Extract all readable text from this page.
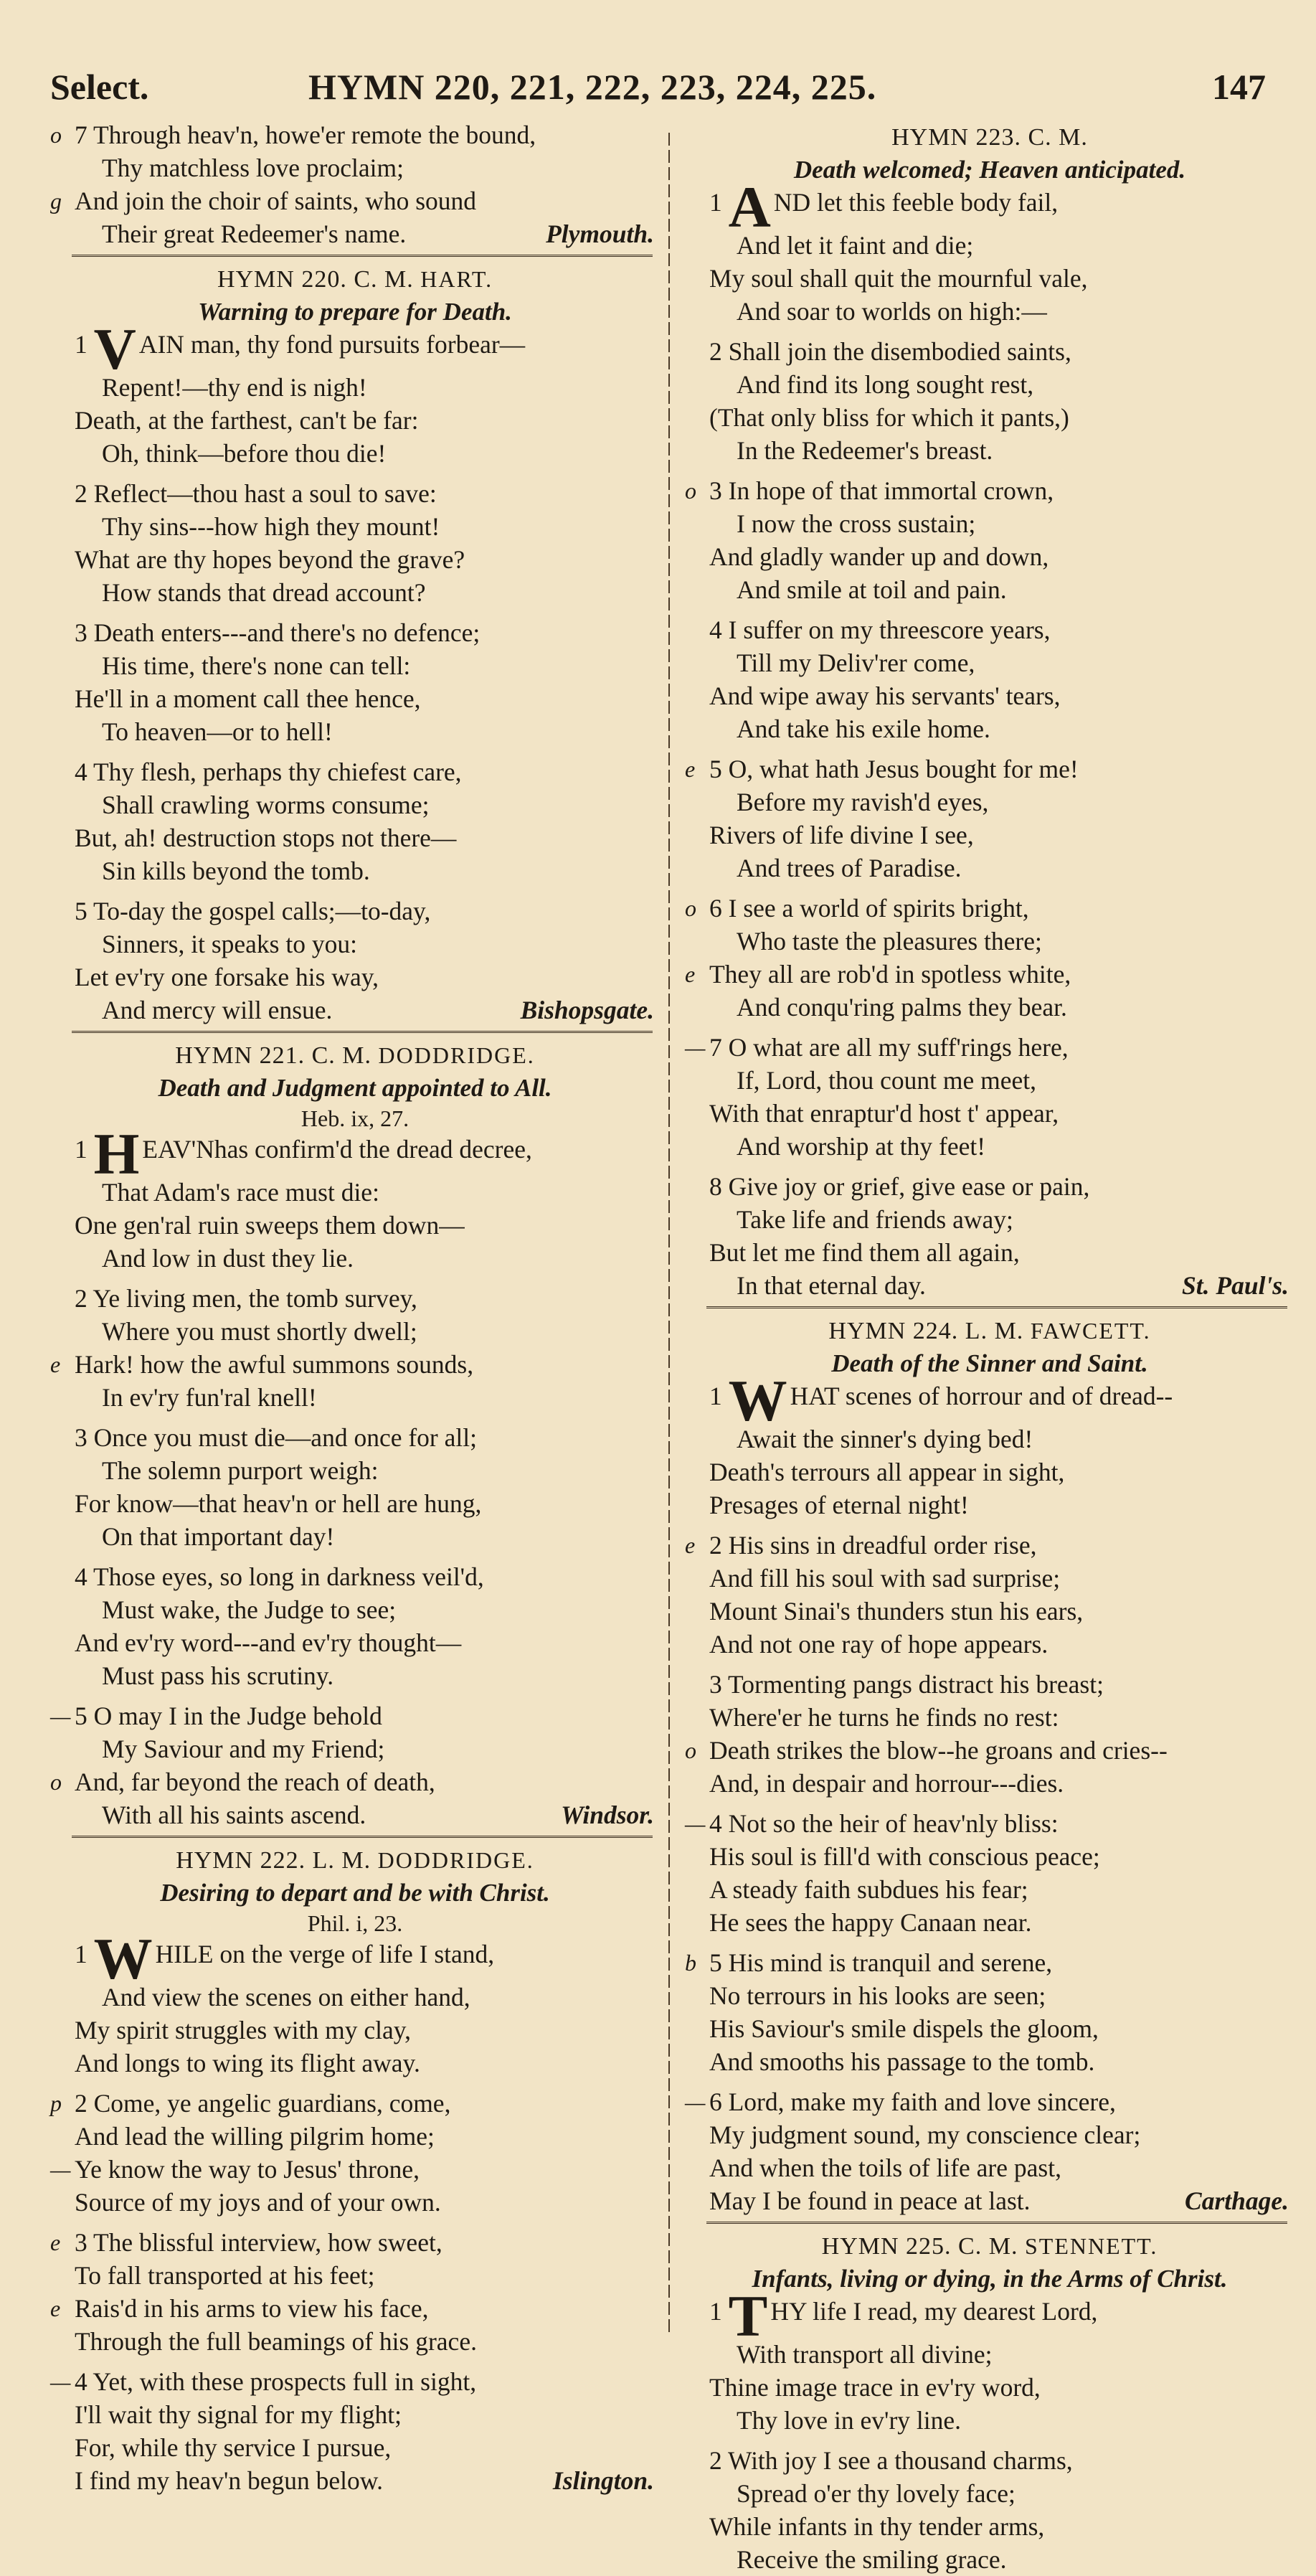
Select.	HYMN 220, 221, 222, 223, 224, 225.	147
o 7 Through heav'n, howe'er remote the bound,
Thy matchless love proclaim;
g And join the choir of saints, who sound
Their great Redeemer's name.	Plymouth.
HYMN 220. C. M. HART.
Warning to prepare for Death.
1 V AIN man, thy fond pursuits forbear—
Repent!—thy end is nigh!
Death, at the farthest, can't be far:
Oh, think—before thou die!
2 Reflect—thou hast a soul to save:
Thy sins---how high they mount!
What are thy hopes beyond the grave?
How stands that dread account?
3 Death enters---and there's no defence;
His time, there's none can tell:
He'll in a moment call thee hence,
To heaven—or to hell!
4 Thy flesh, perhaps thy chiefest care,
Shall crawling worms consume;
But, ah! destruction stops not there—
Sin kills beyond the tomb.
5 To-day the gospel calls;—to-day,
Sinners, it speaks to you:
Let ev'ry one forsake his way,
And mercy will ensue.	Bishopsgate.
HYMN 221. C. M. DODDRIDGE.
Death and Judgment appointed to All.
Heb. ix, 27.
1 H EAV'Nhas confirm'd the dread decree,
That Adam's race must die:
One gen'ral ruin sweeps them down—
And low in dust they lie.
2 Ye living men, the tomb survey,
Where you must shortly dwell;
e Hark! how the awful summons sounds,
In ev'ry fun'ral knell!
3 Once you must die—and once for all;
The solemn purport weigh:
For know—that heav'n or hell are hung,
On that important day!
4 Those eyes, so long in darkness veil'd,
Must wake, the Judge to see;
And ev'ry word---and ev'ry thought—
Must pass his scrutiny.
— 5 O may I in the Judge behold
My Saviour and my Friend;
o And, far beyond the reach of death,
With all his saints ascend.	Windsor.
HYMN 222. L. M. DODDRIDGE.
Desiring to depart and be with Christ.
Phil. i, 23.
1 W HILE on the verge of life I stand,
And view the scenes on either hand,
My spirit struggles with my clay,
And longs to wing its flight away.
p 2 Come, ye angelic guardians, come,
And lead the willing pilgrim home;
— Ye know the way to Jesus' throne,
Source of my joys and of your own.
e 3 The blissful interview, how sweet,
To fall transported at his feet;
e Rais'd in his arms to view his face,
Through the full beamings of his grace.
— 4 Yet, with these prospects full in sight,
I'll wait thy signal for my flight;
For, while thy service I pursue,
I find my heav'n begun below.	Islington.
HYMN 223. C. M.
Death welcomed; Heaven anticipated.
1 A ND let this feeble body fail,
And let it faint and die;
My soul shall quit the mournful vale,
And soar to worlds on high:—
2 Shall join the disembodied saints,
And find its long sought rest,
(That only bliss for which it pants,)
In the Redeemer's breast.
o 3 In hope of that immortal crown,
I now the cross sustain;
And gladly wander up and down,
And smile at toil and pain.
4 I suffer on my threescore years,
Till my Deliv'rer come,
And wipe away his servants' tears,
And take his exile home.
e 5 O, what hath Jesus bought for me!
Before my ravish'd eyes,
Rivers of life divine I see,
And trees of Paradise.
o 6 I see a world of spirits bright,
Who taste the pleasures there;
e They all are rob'd in spotless white,
And conqu'ring palms they bear.
— 7 O what are all my suff'rings here,
If, Lord, thou count me meet,
With that enraptur'd host t' appear,
And worship at thy feet!
8 Give joy or grief, give ease or pain,
Take life and friends away;
But let me find them all again,
In that eternal day.	St. Paul's.
HYMN 224. L. M. FAWCETT.
Death of the Sinner and Saint.
1 W HAT scenes of horrour and of dread--
Await the sinner's dying bed!
Death's terrours all appear in sight,
Presages of eternal night!
e 2 His sins in dreadful order rise,
And fill his soul with sad surprise;
Mount Sinai's thunders stun his ears,
And not one ray of hope appears.
3 Tormenting pangs distract his breast;
Where'er he turns he finds no rest:
o Death strikes the blow--he groans and cries--
And, in despair and horrour---dies.
— 4 Not so the heir of heav'nly bliss:
His soul is fill'd with conscious peace;
A steady faith subdues his fear;
He sees the happy Canaan near.
b 5 His mind is tranquil and serene,
No terrours in his looks are seen;
His Saviour's smile dispels the gloom,
And smooths his passage to the tomb.
— 6 Lord, make my faith and love sincere,
My judgment sound, my conscience clear;
And when the toils of life are past,
May I be found in peace at last.	Carthage.
HYMN 225. C. M. STENNETT.
Infants, living or dying, in the Arms of Christ.
1 T HY life I read, my dearest Lord,
With transport all divine;
Thine image trace in ev'ry word,
Thy love in ev'ry line.
2 With joy I see a thousand charms,
Spread o'er thy lovely face;
While infants in thy tender arms,
Receive the smiling grace.
